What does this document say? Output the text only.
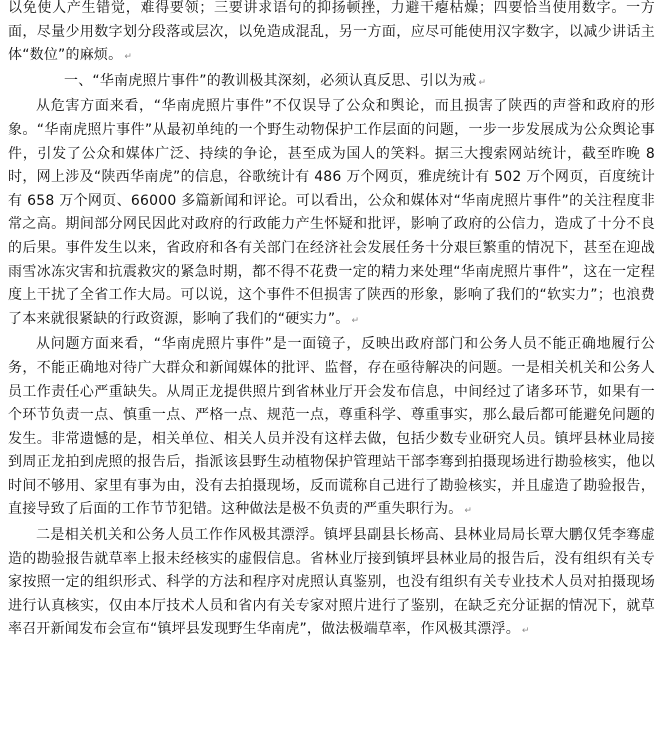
以免使人产生错觉，难得要领；三要讲求语句的抑扬顿挫，力避干瘪枯燥；四要恰当使用数字。一方面，尽量少用数字划分段落或层次，以免造成混乱，另一方面，应尽可能使用汉字数字，以减少讲话主体“数位”的麻烦。 ↵

一、“华南虎照片事件”的教训极其深刻，必须认真反思、引以为戒 ↵

从危害方面来看，“华南虎照片事件”不仅误导了公众和舆论，而且损害了陕西的声誉和政府的形象。“华南虎照片事件”从最初单纯的一个野生动物保护工作层面的问题，一步一步发展成为公众舆论事件，引发了公众和媒体广泛、持续的争论，甚至成为国人的笑料。据三大搜索网站统计，截至昨晚 8 时，网上涉及“陕西华南虎”的信息，谷歌统计有 486 万个网页，雅虎统计有 502 万个网页，百度统计有 658 万个网页、66000 多篇新闻和评论。可以看出，公众和媒体对“华南虎照片事件”的关注程度非常之高。期间部分网民因此对政府的行政能力产生怀疑和批评，影响了政府的公信力，造成了十分不良的后果。事件发生以来，省政府和各有关部门在经济社会发展任务十分艰巨繁重的情况下，甚至在迎战雨雪冰冻灾害和抗震救灾的紧急时期，都不得不花费一定的精力来处理“华南虎照片事件”，这在一定程度上干扰了全省工作大局。可以说，这个事件不但损害了陕西的形象，影响了我们的“软实力”；也浪费了本来就很紧缺的行政资源，影响了我们的“硬实力”。 ↵

从问题方面来看，“华南虎照片事件”是一面镜子，反映出政府部门和公务人员不能正确地履行公务，不能正确地对待广大群众和新闻媒体的批评、监督，存在亟待解决的问题。一是相关机关和公务人员工作责任心严重缺失。从周正龙提供照片到省林业厅开会发布信息，中间经过了诸多环节，如果有一个环节负责一点、慎重一点、严格一点、规范一点，尊重科学、尊重事实，那么最后都可能避免问题的发生。非常遗憾的是，相关单位、相关人员并没有这样去做，包括少数专业研究人员。镇坪县林业局接到周正龙拍到虎照的报告后，指派该县野生动植物保护管理站干部李骞到拍摄现场进行勘验核实，他以时间不够用、家里有事为由，没有去拍摄现场，反而谎称自己进行了勘验核实，并且虚造了勘验报告，直接导致了后面的工作节节犯错。这种做法是极不负责的严重失职行为。 ↵

二是相关机关和公务人员工作作风极其漂浮。镇坪县副县长杨高、县林业局局长覃大鹏仅凭李骞虚造的勘验报告就草率上报未经核实的虚假信息。省林业厅接到镇坪县林业局的报告后，没有组织有关专家按照一定的组织形式、科学的方法和程序对虎照认真鉴别，也没有组织有关专业技术人员对拍摄现场进行认真核实，仅由本厅技术人员和省内有关专家对照片进行了鉴别，在缺乏充分证据的情况下，就草率召开新闻发布会宣布“镇坪县发现野生华南虎”，做法极端草率，作风极其漂浮。 ↵
